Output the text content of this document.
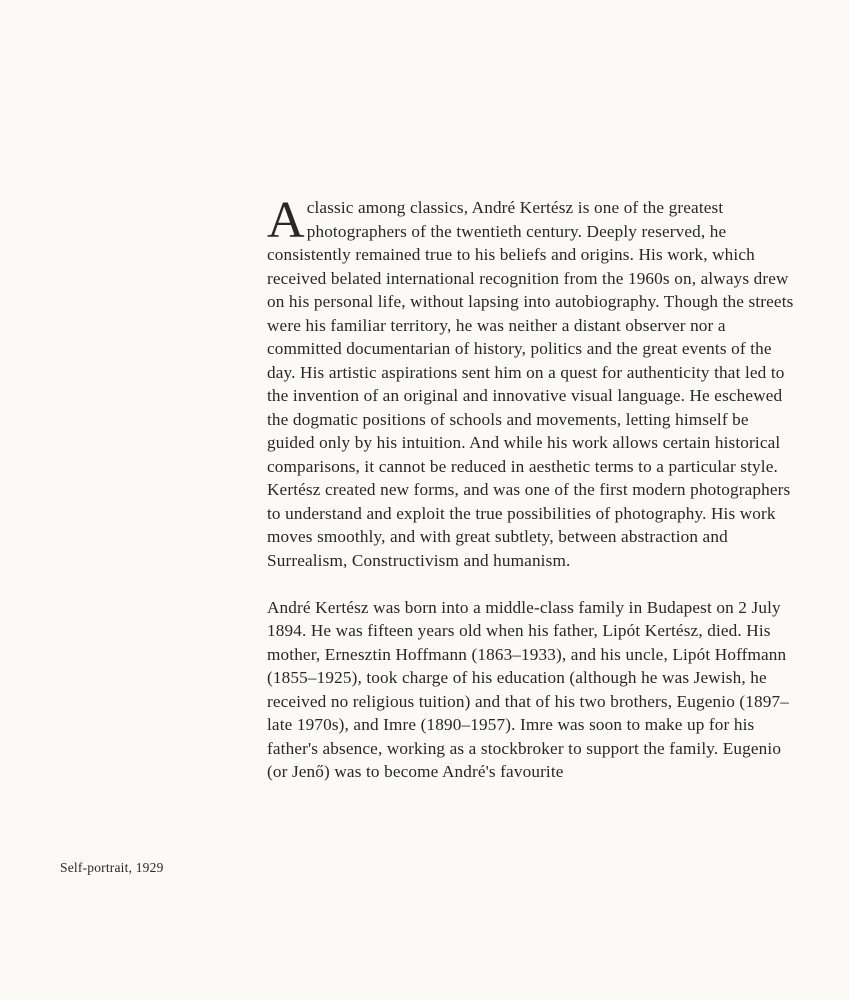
Aclassic among classics, André Kertész is one of the greatest photographers of the twentieth century. Deeply reserved, he consistently remained true to his beliefs and origins. His work, which received belated international recognition from the 1960s on, always drew on his personal life, without lapsing into autobiography. Though the streets were his familiar territory, he was neither a distant observer nor a committed documentarian of history, politics and the great events of the day. His artistic aspirations sent him on a quest for authenticity that led to the invention of an original and innovative visual language. He eschewed the dogmatic positions of schools and movements, letting himself be guided only by his intuition. And while his work allows certain historical comparisons, it cannot be reduced in aesthetic terms to a particular style. Kertész created new forms, and was one of the first modern photographers to understand and exploit the true possibilities of photography. His work moves smoothly, and with great subtlety, between abstraction and Surrealism, Constructivism and humanism.

André Kertész was born into a middle-class family in Budapest on 2 July 1894. He was fifteen years old when his father, Lipót Kertész, died. His mother, Ernesztin Hoffmann (1863–1933), and his uncle, Lipót Hoffmann (1855–1925), took charge of his education (although he was Jewish, he received no religious tuition) and that of his two brothers, Eugenio (1897–late 1970s), and Imre (1890–1957). Imre was soon to make up for his father's absence, working as a stockbroker to support the family. Eugenio (or Jenő) was to become André's favourite

Self-portrait, 1929
